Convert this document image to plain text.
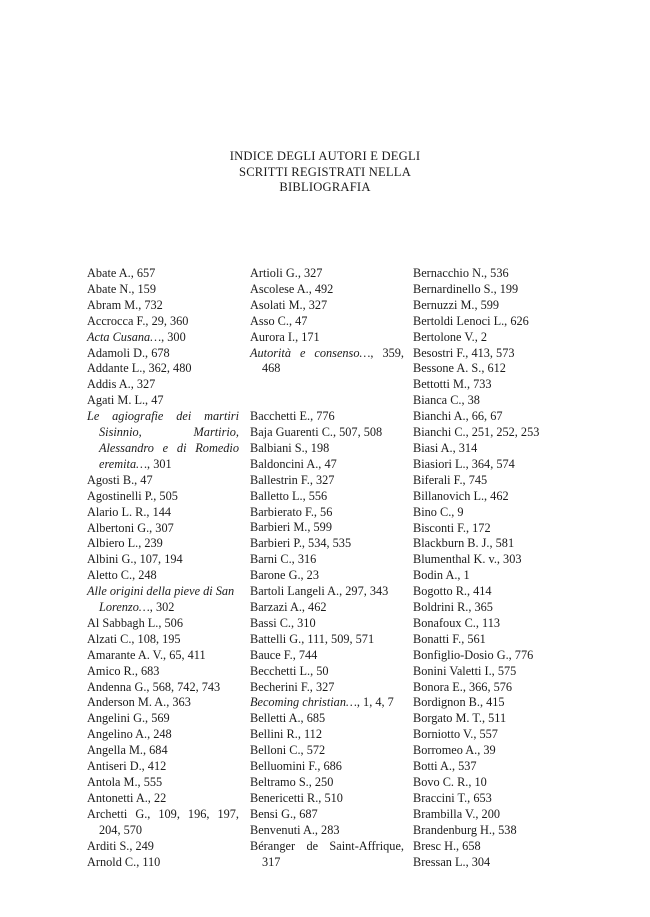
INDICE DEGLI AUTORI E DEGLI
SCRITTI REGISTRATI NELLA
BIBLIOGRAFIA
Abate A., 657
Abate N., 159
Abram M., 732
Accrocca F., 29, 360
Acta Cusana…, 300
Adamoli D., 678
Addante L., 362, 480
Addis A., 327
Agati M. L., 47
Le agiografie dei martiri Sisinnio, Martirio, Alessandro e di Romedio eremita…, 301
Agosti B., 47
Agostinelli P., 505
Alario L. R., 144
Albertoni G., 307
Albiero L., 239
Albini G., 107, 194
Aletto C., 248
Alle origini della pieve di San Lorenzo…, 302
Al Sabbagh L., 506
Alzati C., 108, 195
Amarante A. V., 65, 411
Amico R., 683
Andenna G., 568, 742, 743
Anderson M. A., 363
Angelini G., 569
Angelino A., 248
Angella M., 684
Antiseri D., 412
Antola M., 555
Antonetti A., 22
Archetti G., 109, 196, 197, 204, 570
Arditi S., 249
Arnold C., 110
Artioli G., 327
Ascolese A., 492
Asolati M., 327
Asso C., 47
Aurora I., 171
Autorità e consenso…, 359, 468
Bacchetti E., 776
Baja Guarenti C., 507, 508
Balbiani S., 198
Baldoncini A., 47
Ballestrin F., 327
Balletto L., 556
Barbierato F., 56
Barbieri M., 599
Barbieri P., 534, 535
Barni C., 316
Barone G., 23
Bartoli Langeli A., 297, 343
Barzazi A., 462
Bassi C., 310
Battelli G., 111, 509, 571
Bauce F., 744
Becchetti L., 50
Becherini F., 327
Becoming christian…, 1, 4, 7
Belletti A., 685
Bellini R., 112
Belloni C., 572
Belluomini F., 686
Beltramo S., 250
Benericetti R., 510
Bensi G., 687
Benvenuti A., 283
Béranger de Saint-Affrique, 317
Bernacchio N., 536
Bernardinello S., 199
Bernuzzi M., 599
Bertoldi Lenoci L., 626
Bertolone V., 2
Besostri F., 413, 573
Bessone A. S., 612
Bettotti M., 733
Bianca C., 38
Bianchi A., 66, 67
Bianchi C., 251, 252, 253
Biasi A., 314
Biasiori L., 364, 574
Biferali F., 745
Billanovich L., 462
Bino C., 9
Bisconti F., 172
Blackburn B. J., 581
Blumenthal K. v., 303
Bodin A., 1
Bogotto R., 414
Boldrini R., 365
Bonafoux C., 113
Bonatti F., 561
Bonfiglio-Dosio G., 776
Bonini Valetti I., 575
Bonora E., 366, 576
Bordignon B., 415
Borgato M. T., 511
Borniotto V., 557
Borromeo A., 39
Botti A., 537
Bovo C. R., 10
Braccini T., 653
Brambilla V., 200
Brandenburg H., 538
Bresc H., 658
Bressan L., 304
